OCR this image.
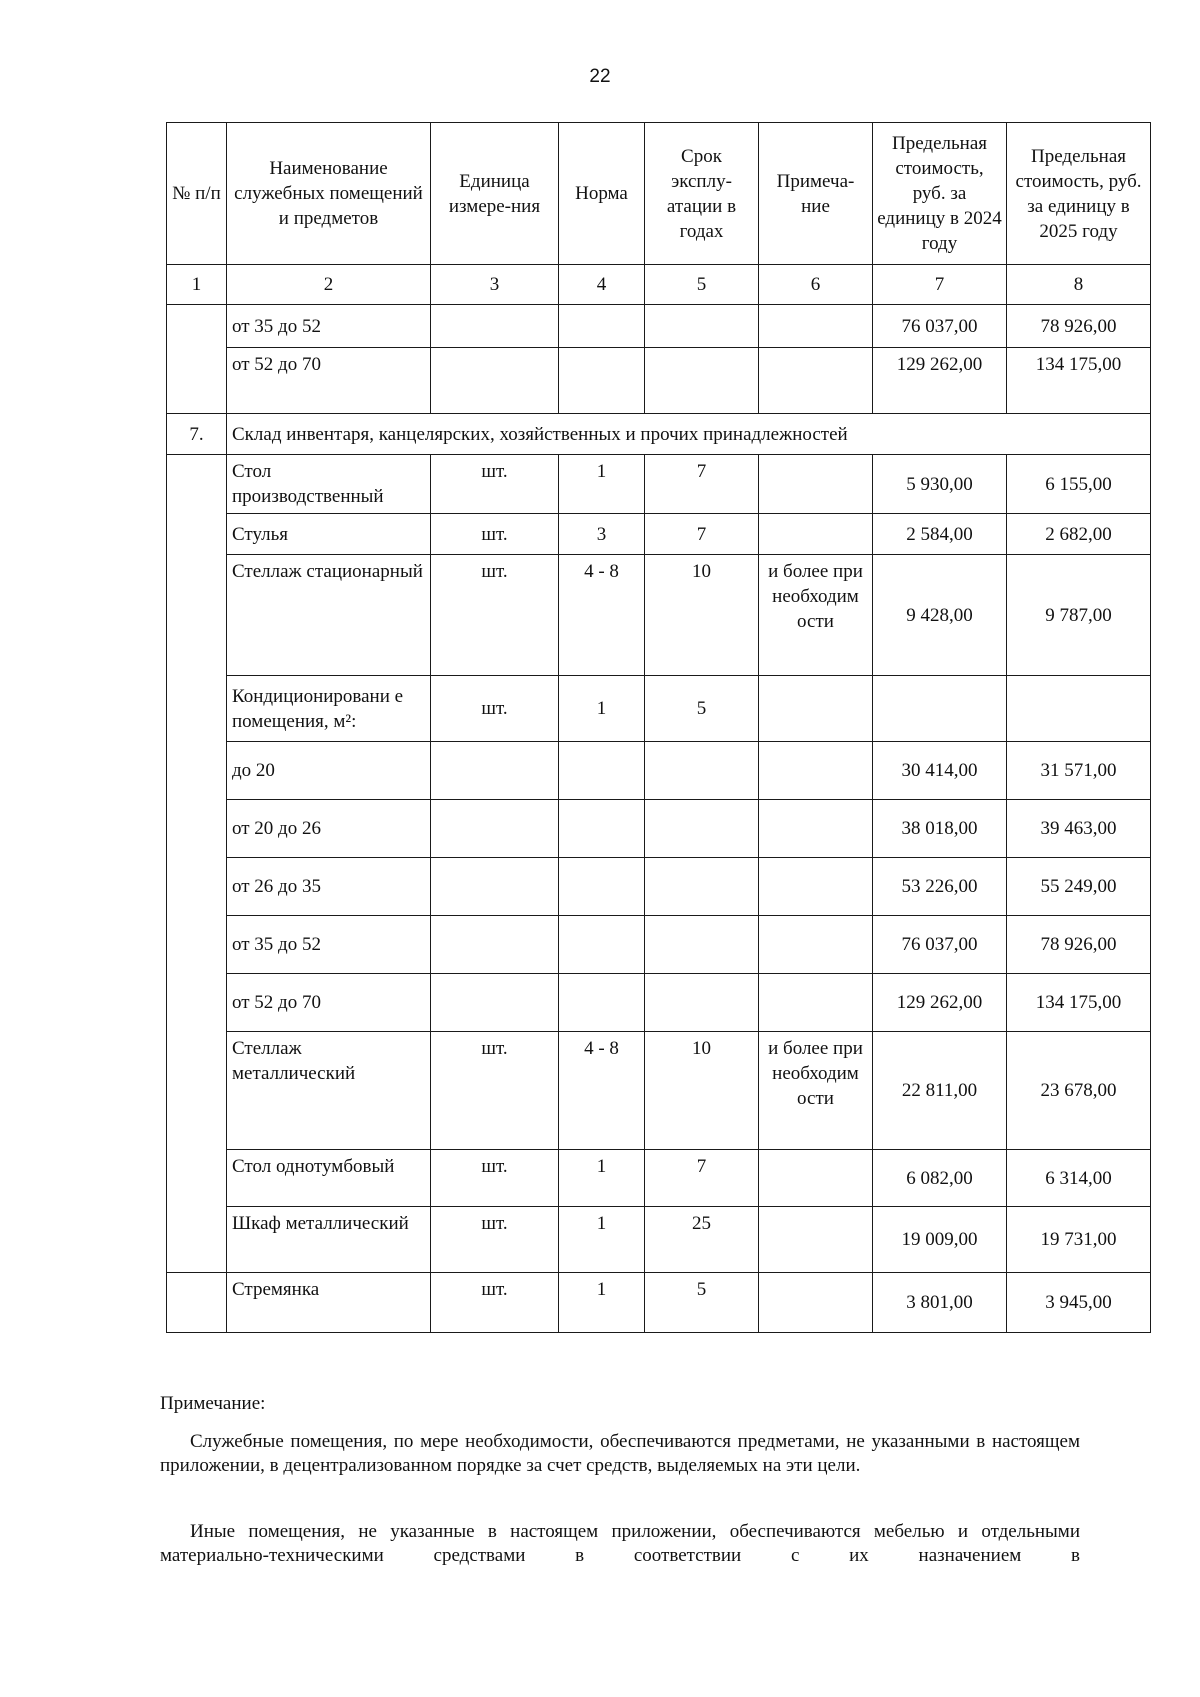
22
№ п/п	Наименование служебных помещений и предметов	Единица измере-ния	Норма	Срок эксплу-атации в годах	Примеча-ние	Предельная стоимость, руб. за единицу в 2024 году	Предельная стоимость, руб. за единицу в 2025 году
1	2	3	4	5	6	7	8
	от 35 до 52					76 037,00	78 926,00
	от 52 до 70					129 262,00	134 175,00
7.	Склад инвентаря, канцелярских, хозяйственных и прочих принадлежностей						
	Стол производственный	шт.	1	7		5 930,00	6 155,00
	Стулья	шт.	3	7		2 584,00	2 682,00
	Стеллаж стационарный	шт.	4 - 8	10	и более при необходим ости	9 428,00	9 787,00
	Кондиционировани е помещения, м²:	шт.	1	5			
	до 20					30 414,00	31 571,00
	от 20 до 26					38 018,00	39 463,00
	от 26 до 35					53 226,00	55 249,00
	от 35 до 52					76 037,00	78 926,00
	от 52 до 70					129 262,00	134 175,00
	Стеллаж металлический	шт.	4 - 8	10	и более при необходим ости	22 811,00	23 678,00
	Стол однотумбовый	шт.	1	7		6 082,00	6 314,00
	Шкаф металлический	шт.	1	25		19 009,00	19 731,00
	Стремянка	шт.	1	5		3 801,00	3 945,00
Примечание:
Служебные помещения, по мере необходимости, обеспечиваются предметами, не указанными в настоящем приложении, в децентрализованном порядке за счет средств, выделяемых на эти цели.
Иные помещения, не указанные в настоящем приложении, обеспечиваются мебелью и отдельными материально-техническими средствами в соответствии с их назначением в
